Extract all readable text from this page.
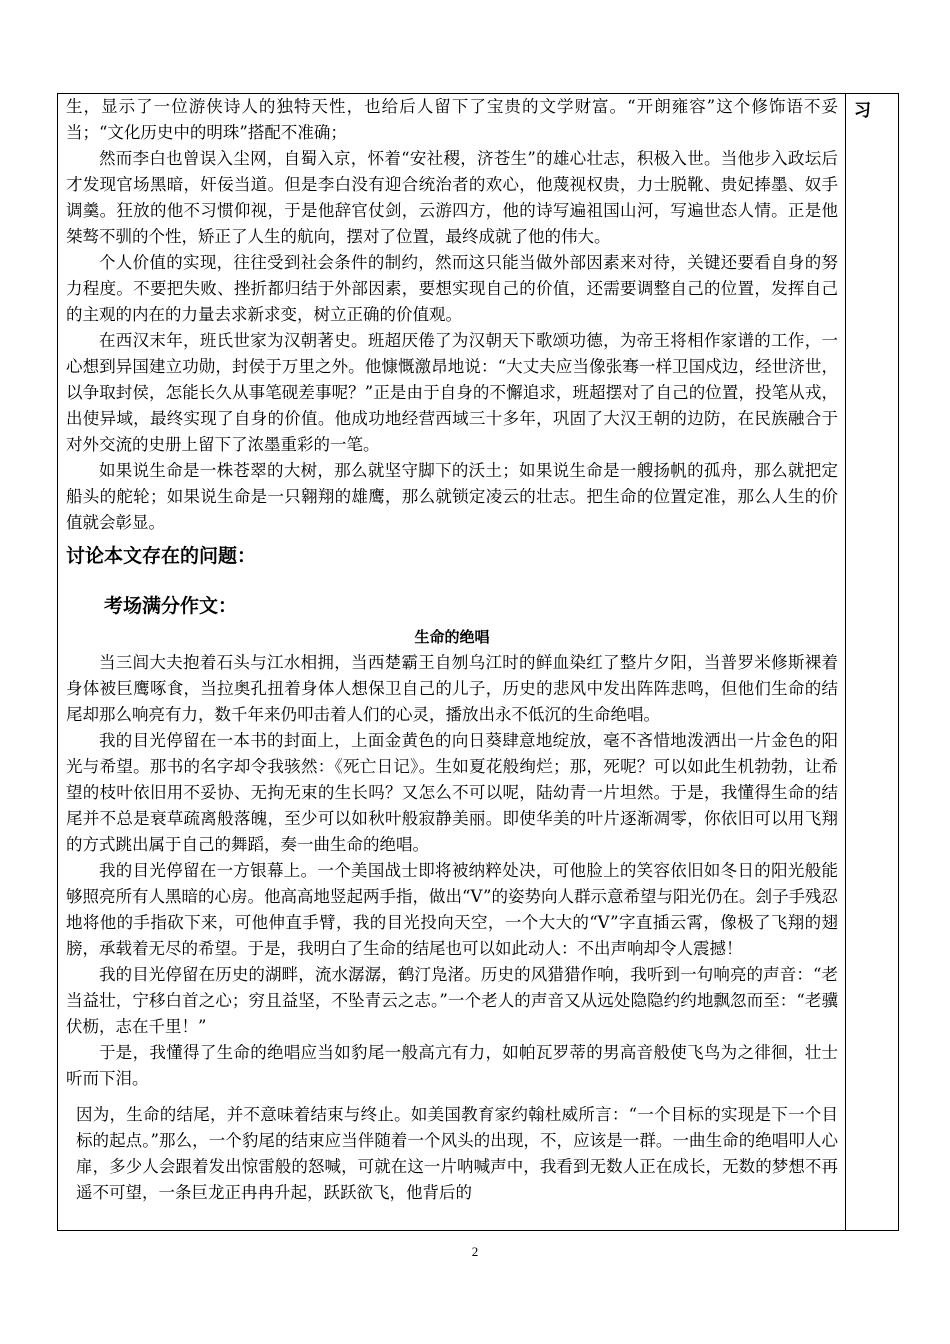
生，显示了一位游侠诗人的独特天性，也给后人留下了宝贵的文学财富。“开朗雍容”这个修饰语不妥当；“文化历史中的明珠”搭配不准确；

然而李白也曾误入尘网，自蜀入京，怀着“安社稷，济苍生”的雄心壮志，积极入世。当他步入政坛后才发现官场黑暗，奸佞当道。但是李白没有迎合统治者的欢心，他蔑视权贵，力士脱靴、贵妃捧墨、奴手调羹。狂放的他不习惯仰视，于是他辞官仗剑，云游四方，他的诗写遍祖国山河，写遍世态人情。正是他桀骜不驯的个性，矫正了人生的航向，摆对了位置，最终成就了他的伟大。

个人价值的实现，往往受到社会条件的制约，然而这只能当做外部因素来对待，关键还要看自身的努力程度。不要把失败、挫折都归结于外部因素，要想实现自己的价值，还需要调整自己的位置，发挥自己的主观的内在的力量去求新求变，树立正确的价值观。

在西汉末年，班氏世家为汉朝著史。班超厌倦了为汉朝天下歌颂功德，为帝王将相作家谱的工作，一心想到异国建立功勋，封侯于万里之外。他慷慨激昂地说：“大丈夫应当像张骞一样卫国戍边，经世济世，以争取封侯，怎能长久从事笔砚差事呢？”正是由于自身的不懈追求，班超摆对了自己的位置，投笔从戎，出使异域，最终实现了自身的价值。他成功地经营西域三十多年，巩固了大汉王朝的边防，在民族融合于对外交流的史册上留下了浓墨重彩的一笔。

如果说生命是一株苍翠的大树，那么就坚守脚下的沃土；如果说生命是一艘扬帆的孤舟，那么就把定船头的舵轮；如果说生命是一只翱翔的雄鹰，那么就锁定凌云的壮志。把生命的位置定准，那么人生的价值就会彰显。

讨论本文存在的问题：
考场满分作文：
生命的绝唱

当三闾大夫抱着石头与江水相拥，当西楚霸王自刎乌江时的鲜血染红了整片夕阳，当普罗米修斯裸着身体被巨鹰啄食，当拉奥孔扭着身体人想保卫自己的儿子，历史的悲风中发出阵阵悲鸣，但他们生命的结尾却那么响亮有力，数千年来仍叩击着人们的心灵，播放出永不低沉的生命绝唱。

我的目光停留在一本书的封面上，上面金黄色的向日葵肆意地绽放，毫不吝惜地泼洒出一片金色的阳光与希望。那书的名字却令我骇然：《死亡日记》。生如夏花般绚烂；那，死呢？可以如此生机勃勃，让希望的枝叶依旧用不妥协、无拘无束的生长吗？又怎么不可以呢，陆幼青一片坦然。于是，我懂得生命的结尾并不总是衰草疏离般落魄，至少可以如秋叶般寂静美丽。即使华美的叶片逐渐凋零，你依旧可以用飞翔的方式跳出属于自己的舞蹈，奏一曲生命的绝唱。

我的目光停留在一方银幕上。一个美国战士即将被纳粹处决，可他脸上的笑容依旧如冬日的阳光般能够照亮所有人黑暗的心房。他高高地竖起两手指，做出“V”的姿势向人群示意希望与阳光仍在。刽子手残忍地将他的手指砍下来，可他伸直手臂，我的目光投向天空，一个大大的“V”字直插云霄，像极了飞翔的翅膀，承载着无尽的希望。于是，我明白了生命的结尾也可以如此动人：不出声响却令人震撼！

我的目光停留在历史的湖畔，流水潺潺，鹤汀凫渚。历史的风猎猎作响，我听到一句响亮的声音：“老当益壮，宁移白首之心；穷且益坚，不坠青云之志。”一个老人的声音又从远处隐隐约约地飘忽而至：“老骥伏枥，志在千里！”

于是，我懂得了生命的绝唱应当如豹尾一般高亢有力，如帕瓦罗蒂的男高音般使飞鸟为之徘徊，壮士听而下泪。

因为，生命的结尾，并不意味着结束与终止。如美国教育家约翰杜威所言：“一个目标的实现是下一个目标的起点。”那么，一个豹尾的结束应当伴随着一个风头的出现，不，应该是一群。一曲生命的绝唱叩人心扉，多少人会跟着发出惊雷般的怒喊，可就在这一片呐喊声中，我看到无数人正在成长，无数的梦想不再遥不可望，一条巨龙正冉冉升起，跃跃欲飞，他背后的

习
2
